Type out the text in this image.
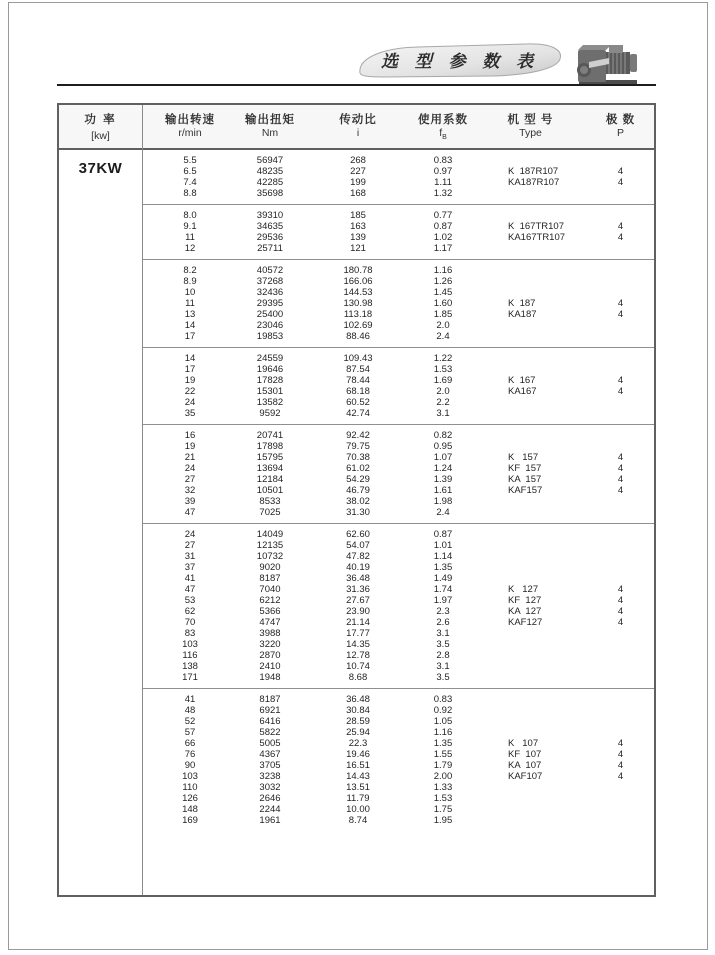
选 型 参 数 表
功 率
[kw]
37KW
输出转速
r/min
输出扭矩
Nm
传动比
i
使用系数
$f_B$
机 型 号
Type
极 数
P
5.5	56947	268	0.83
6.5	48235	227	0.97	K  187R107	4
7.4	42285	199	1.11	KA187R107	4
8.8	35698	168	1.32
8.0	39310	185	0.77
9.1	34635	163	0.87	K  167TR107	4
11	29536	139	1.02	KA167TR107	4
12	25711	121	1.17
8.2	40572	180.78	1.16
8.9	37268	166.06	1.26
10	32436	144.53	1.45
11	29395	130.98	1.60	K  187	4
13	25400	113.18	1.85	KA187	4
14	23046	102.69	2.0
17	19853	88.46	2.4
14	24559	109.43	1.22
17	19646	87.54	1.53
19	17828	78.44	1.69	K  167	4
22	15301	68.18	2.0	KA167	4
24	13582	60.52	2.2
35	9592	42.74	3.1
16	20741	92.42	0.82
19	17898	79.75	0.95
21	15795	70.38	1.07	K   157	4
24	13694	61.02	1.24	KF  157	4
27	12184	54.29	1.39	KA  157	4
32	10501	46.79	1.61	KAF157	4
39	8533	38.02	1.98
47	7025	31.30	2.4
24	14049	62.60	0.87
27	12135	54.07	1.01
31	10732	47.82	1.14
37	9020	40.19	1.35
41	8187	36.48	1.49
47	7040	31.36	1.74	K   127	4
53	6212	27.67	1.97	KF  127	4
62	5366	23.90	2.3	KA  127	4
70	4747	21.14	2.6	KAF127	4
83	3988	17.77	3.1
103	3220	14.35	3.5
116	2870	12.78	2.8
138	2410	10.74	3.1
171	1948	8.68	3.5
41	8187	36.48	0.83
48	6921	30.84	0.92
52	6416	28.59	1.05
57	5822	25.94	1.16
66	5005	22.3	1.35	K   107	4
76	4367	19.46	1.55	KF  107	4
90	3705	16.51	1.79	KA  107	4
103	3238	14.43	2.00	KAF107	4
110	3032	13.51	1.33
126	2646	11.79	1.53
148	2244	10.00	1.75
169	1961	8.74	1.95
